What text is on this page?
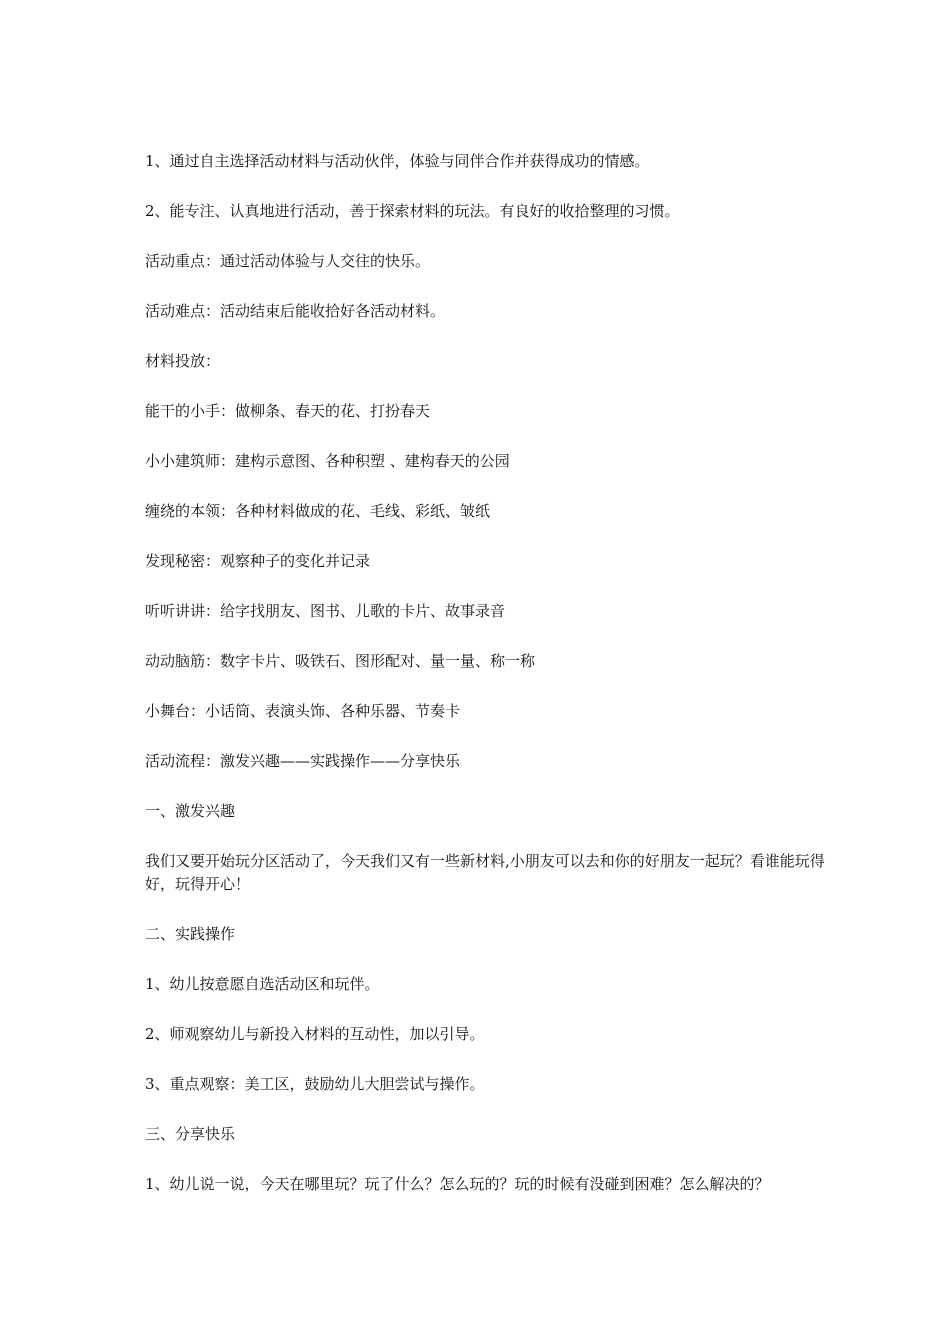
1、通过自主选择活动材料与活动伙伴，体验与同伴合作并获得成功的情感。

2、能专注、认真地进行活动，善于探索材料的玩法。有良好的收拾整理的习惯。

活动重点：通过活动体验与人交往的快乐。

活动难点：活动结束后能收拾好各活动材料。

材料投放：

能干的小手：做柳条、春天的花、打扮春天

小小建筑师：建构示意图、各种积塑 、建构春天的公园

缠绕的本领：各种材料做成的花、毛线、彩纸、皱纸

发现秘密：观察种子的变化并记录

听听讲讲：给字找朋友、图书、儿歌的卡片、故事录音

动动脑筋：数字卡片、吸铁石、图形配对、量一量、称一称

小舞台：小话筒、表演头饰、各种乐器、节奏卡

活动流程：激发兴趣——实践操作——分享快乐

一、激发兴趣

我们又要开始玩分区活动了，今天我们又有一些新材料,小朋友可以去和你的好朋友一起玩？看谁能玩得好，玩得开心！

二、实践操作

1、幼儿按意愿自选活动区和玩伴。

2、师观察幼儿与新投入材料的互动性，加以引导。

3、重点观察：美工区，鼓励幼儿大胆尝试与操作。

三、分享快乐

1、幼儿说一说，今天在哪里玩？玩了什么？怎么玩的？玩的时候有没碰到困难？怎么解决的？
